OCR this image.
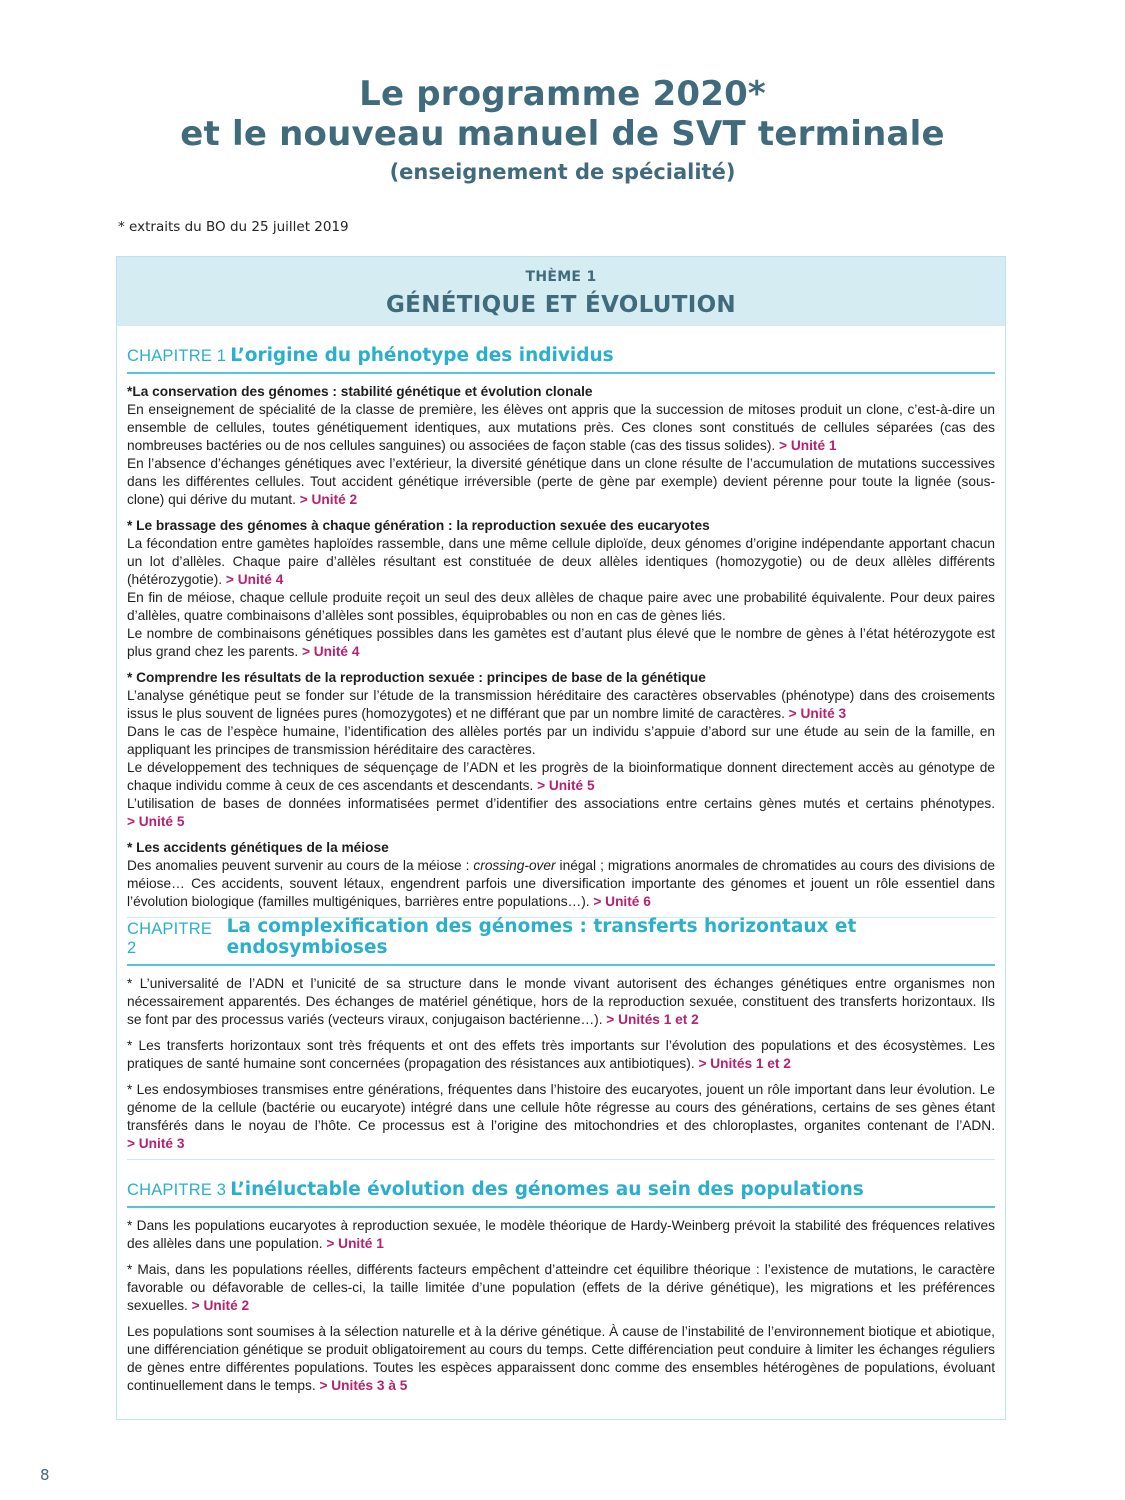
Le programme 2020*
et le nouveau manuel de SVT terminale
(enseignement de spécialité)
* extraits du BO du 25 juillet 2019
THÈME 1
GÉNÉTIQUE ET ÉVOLUTION
CHAPITRE 1 L’origine du phénotype des individus

*La conservation des génomes : stabilité génétique et évolution clonale
En enseignement de spécialité de la classe de première, les élèves ont appris que la succession de mitoses produit un clone, c’est-à-dire un ensemble de cellules, toutes génétiquement identiques, aux mutations près. Ces clones sont constitués de cellules séparées (cas des nombreuses bactéries ou de nos cellules sanguines) ou associées de façon stable (cas des tissus solides). > Unité 1
En l’absence d’échanges génétiques avec l’extérieur, la diversité génétique dans un clone résulte de l’accumulation de mutations successives dans les différentes cellules. Tout accident génétique irréversible (perte de gène par exemple) devient pérenne pour toute la lignée (sous-clone) qui dérive du mutant. > Unité 2

* Le brassage des génomes à chaque génération : la reproduction sexuée des eucaryotes
La fécondation entre gamètes haploïdes rassemble, dans une même cellule diploïde, deux génomes d’origine indépendante apportant chacun un lot d’allèles. Chaque paire d’allèles résultant est constituée de deux allèles identiques (homozygotie) ou de deux allèles différents (hétérozygotie). > Unité 4
En fin de méiose, chaque cellule produite reçoit un seul des deux allèles de chaque paire avec une probabilité équivalente. Pour deux paires d’allèles, quatre combinaisons d’allèles sont possibles, équiprobables ou non en cas de gènes liés.
Le nombre de combinaisons génétiques possibles dans les gamètes est d’autant plus élevé que le nombre de gènes à l’état hétérozygote est plus grand chez les parents. > Unité 4

* Comprendre les résultats de la reproduction sexuée : principes de base de la génétique
L’analyse génétique peut se fonder sur l’étude de la transmission héréditaire des caractères observables (phénotype) dans des croisements issus le plus souvent de lignées pures (homozygotes) et ne différant que par un nombre limité de caractères. > Unité 3
Dans le cas de l’espèce humaine, l’identification des allèles portés par un individu s’appuie d’abord sur une étude au sein de la famille, en appliquant les principes de transmission héréditaire des caractères.
Le développement des techniques de séquençage de l’ADN et les progrès de la bioinformatique donnent directement accès au génotype de chaque individu comme à ceux de ces ascendants et descendants. > Unité 5
L’utilisation de bases de données informatisées permet d’identifier des associations entre certains gènes mutés et certains phénotypes. > Unité 5

* Les accidents génétiques de la méiose
Des anomalies peuvent survenir au cours de la méiose : crossing-over inégal ; migrations anormales de chromatides au cours des divisions de méiose… Ces accidents, souvent létaux, engendrent parfois une diversification importante des génomes et jouent un rôle essentiel dans l’évolution biologique (familles multigéniques, barrières entre populations…). > Unité 6

CHAPITRE 2
La complexification des génomes : transferts horizontaux et endosymbioses

* L’universalité de l’ADN et l’unicité de sa structure dans le monde vivant autorisent des échanges génétiques entre organismes non nécessairement apparentés. Des échanges de matériel génétique, hors de la reproduction sexuée, constituent des transferts horizontaux. Ils se font par des processus variés (vecteurs viraux, conjugaison bactérienne…). > Unités 1 et 2

* Les transferts horizontaux sont très fréquents et ont des effets très importants sur l’évolution des populations et des écosystèmes. Les pratiques de santé humaine sont concernées (propagation des résistances aux antibiotiques). > Unités 1 et 2

* Les endosymbioses transmises entre générations, fréquentes dans l’histoire des eucaryotes, jouent un rôle important dans leur évolution. Le génome de la cellule (bactérie ou eucaryote) intégré dans une cellule hôte régresse au cours des générations, certains de ses gènes étant transférés dans le noyau de l’hôte. Ce processus est à l’origine des mitochondries et des chloroplastes, organites contenant de l’ADN. > Unité 3

CHAPITRE 3 L’inéluctable évolution des génomes au sein des populations

* Dans les populations eucaryotes à reproduction sexuée, le modèle théorique de Hardy-Weinberg prévoit la stabilité des fréquences relatives des allèles dans une population. > Unité 1

* Mais, dans les populations réelles, différents facteurs empêchent d’atteindre cet équilibre théorique : l’existence de mutations, le caractère favorable ou défavorable de celles-ci, la taille limitée d’une population (effets de la dérive génétique), les migrations et les préférences sexuelles. > Unité 2

Les populations sont soumises à la sélection naturelle et à la dérive génétique. À cause de l’instabilité de l’environnement biotique et abiotique, une différenciation génétique se produit obligatoirement au cours du temps. Cette différenciation peut conduire à limiter les échanges réguliers de gènes entre différentes populations. Toutes les espèces apparaissent donc comme des ensembles hétérogènes de populations, évoluant continuellement dans le temps. > Unités 3 à 5

8
